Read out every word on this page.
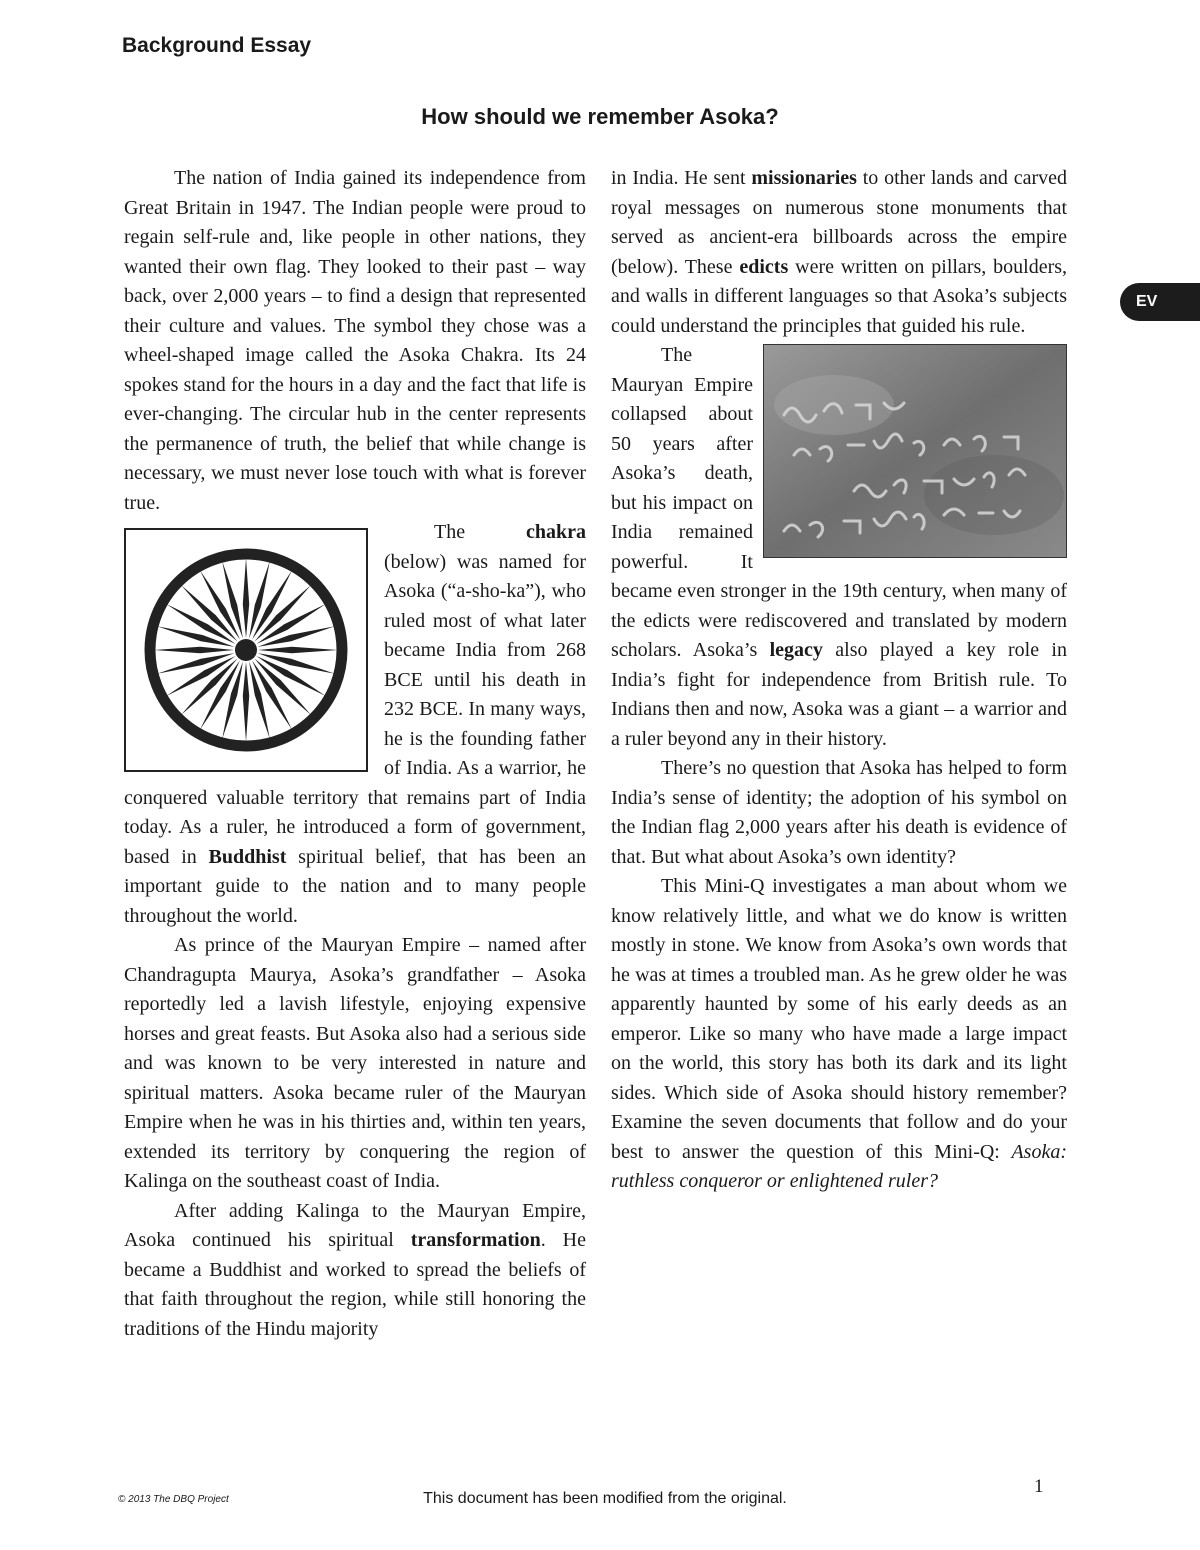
Background Essay
How should we remember Asoka?
EV

The nation of India gained its independence from Great Britain in 1947. The Indian people were proud to regain self-rule and, like people in other nations, they wanted their own flag. They looked to their past – way back, over 2,000 years – to find a design that represented their culture and values. The symbol they chose was a wheel-shaped image called the Asoka Chakra. Its 24 spokes stand for the hours in a day and the fact that life is ever-changing. The circular hub in the center represents the permanence of truth, the belief that while change is necessary, we must never lose touch with what is forever true.

The chakra (below) was named for Asoka (“a-sho-ka”), who ruled most of what later became India from 268 BCE until his death in 232 BCE. In many ways, he is the founding father of India. As a warrior, he conquered valuable territory that remains part of India today. As a ruler, he introduced a form of government, based in Buddhist spiritual belief, that has been an important guide to the nation and to many people throughout the world.

As prince of the Mauryan Empire – named after Chandragupta Maurya, Asoka’s grandfather – Asoka reportedly led a lavish lifestyle, enjoying expensive horses and great feasts. But Asoka also had a serious side and was known to be very interested in nature and spiritual matters. Asoka became ruler of the Mauryan Empire when he was in his thirties and, within ten years, extended its territory by conquering the region of Kalinga on the southeast coast of India.

After adding Kalinga to the Mauryan Empire, Asoka continued his spiritual transformation. He became a Buddhist and worked to spread the beliefs of that faith throughout the region, while still honoring the traditions of the Hindu majority

in India. He sent missionaries to other lands and carved royal messages on numerous stone monuments that served as ancient-era billboards across the empire (below). These edicts were written on pillars, boulders, and walls in different languages so that Asoka’s subjects could understand the principles that guided his rule.

The Mauryan Empire collapsed about 50 years after Asoka’s death, but his impact on India remained powerful. It became even stronger in the 19th century, when many of the edicts were rediscovered and translated by modern scholars. Asoka’s legacy also played a key role in India’s fight for independence from British rule. To Indians then and now, Asoka was a giant – a warrior and a ruler beyond any in their history.

There’s no question that Asoka has helped to form India’s sense of identity; the adoption of his symbol on the Indian flag 2,000 years after his death is evidence of that. But what about Asoka’s own identity?

This Mini-Q investigates a man about whom we know relatively little, and what we do know is written mostly in stone. We know from Asoka’s own words that he was at times a troubled man. As he grew older he was apparently haunted by some of his early deeds as an emperor. Like so many who have made a large impact on the world, this story has both its dark and its light sides. Which side of Asoka should history remember? Examine the seven documents that follow and do your best to answer the question of this Mini-Q: Asoka: ruthless conqueror or enlightened ruler?

1
© 2013 The DBQ Project	This document has been modified from the original.
